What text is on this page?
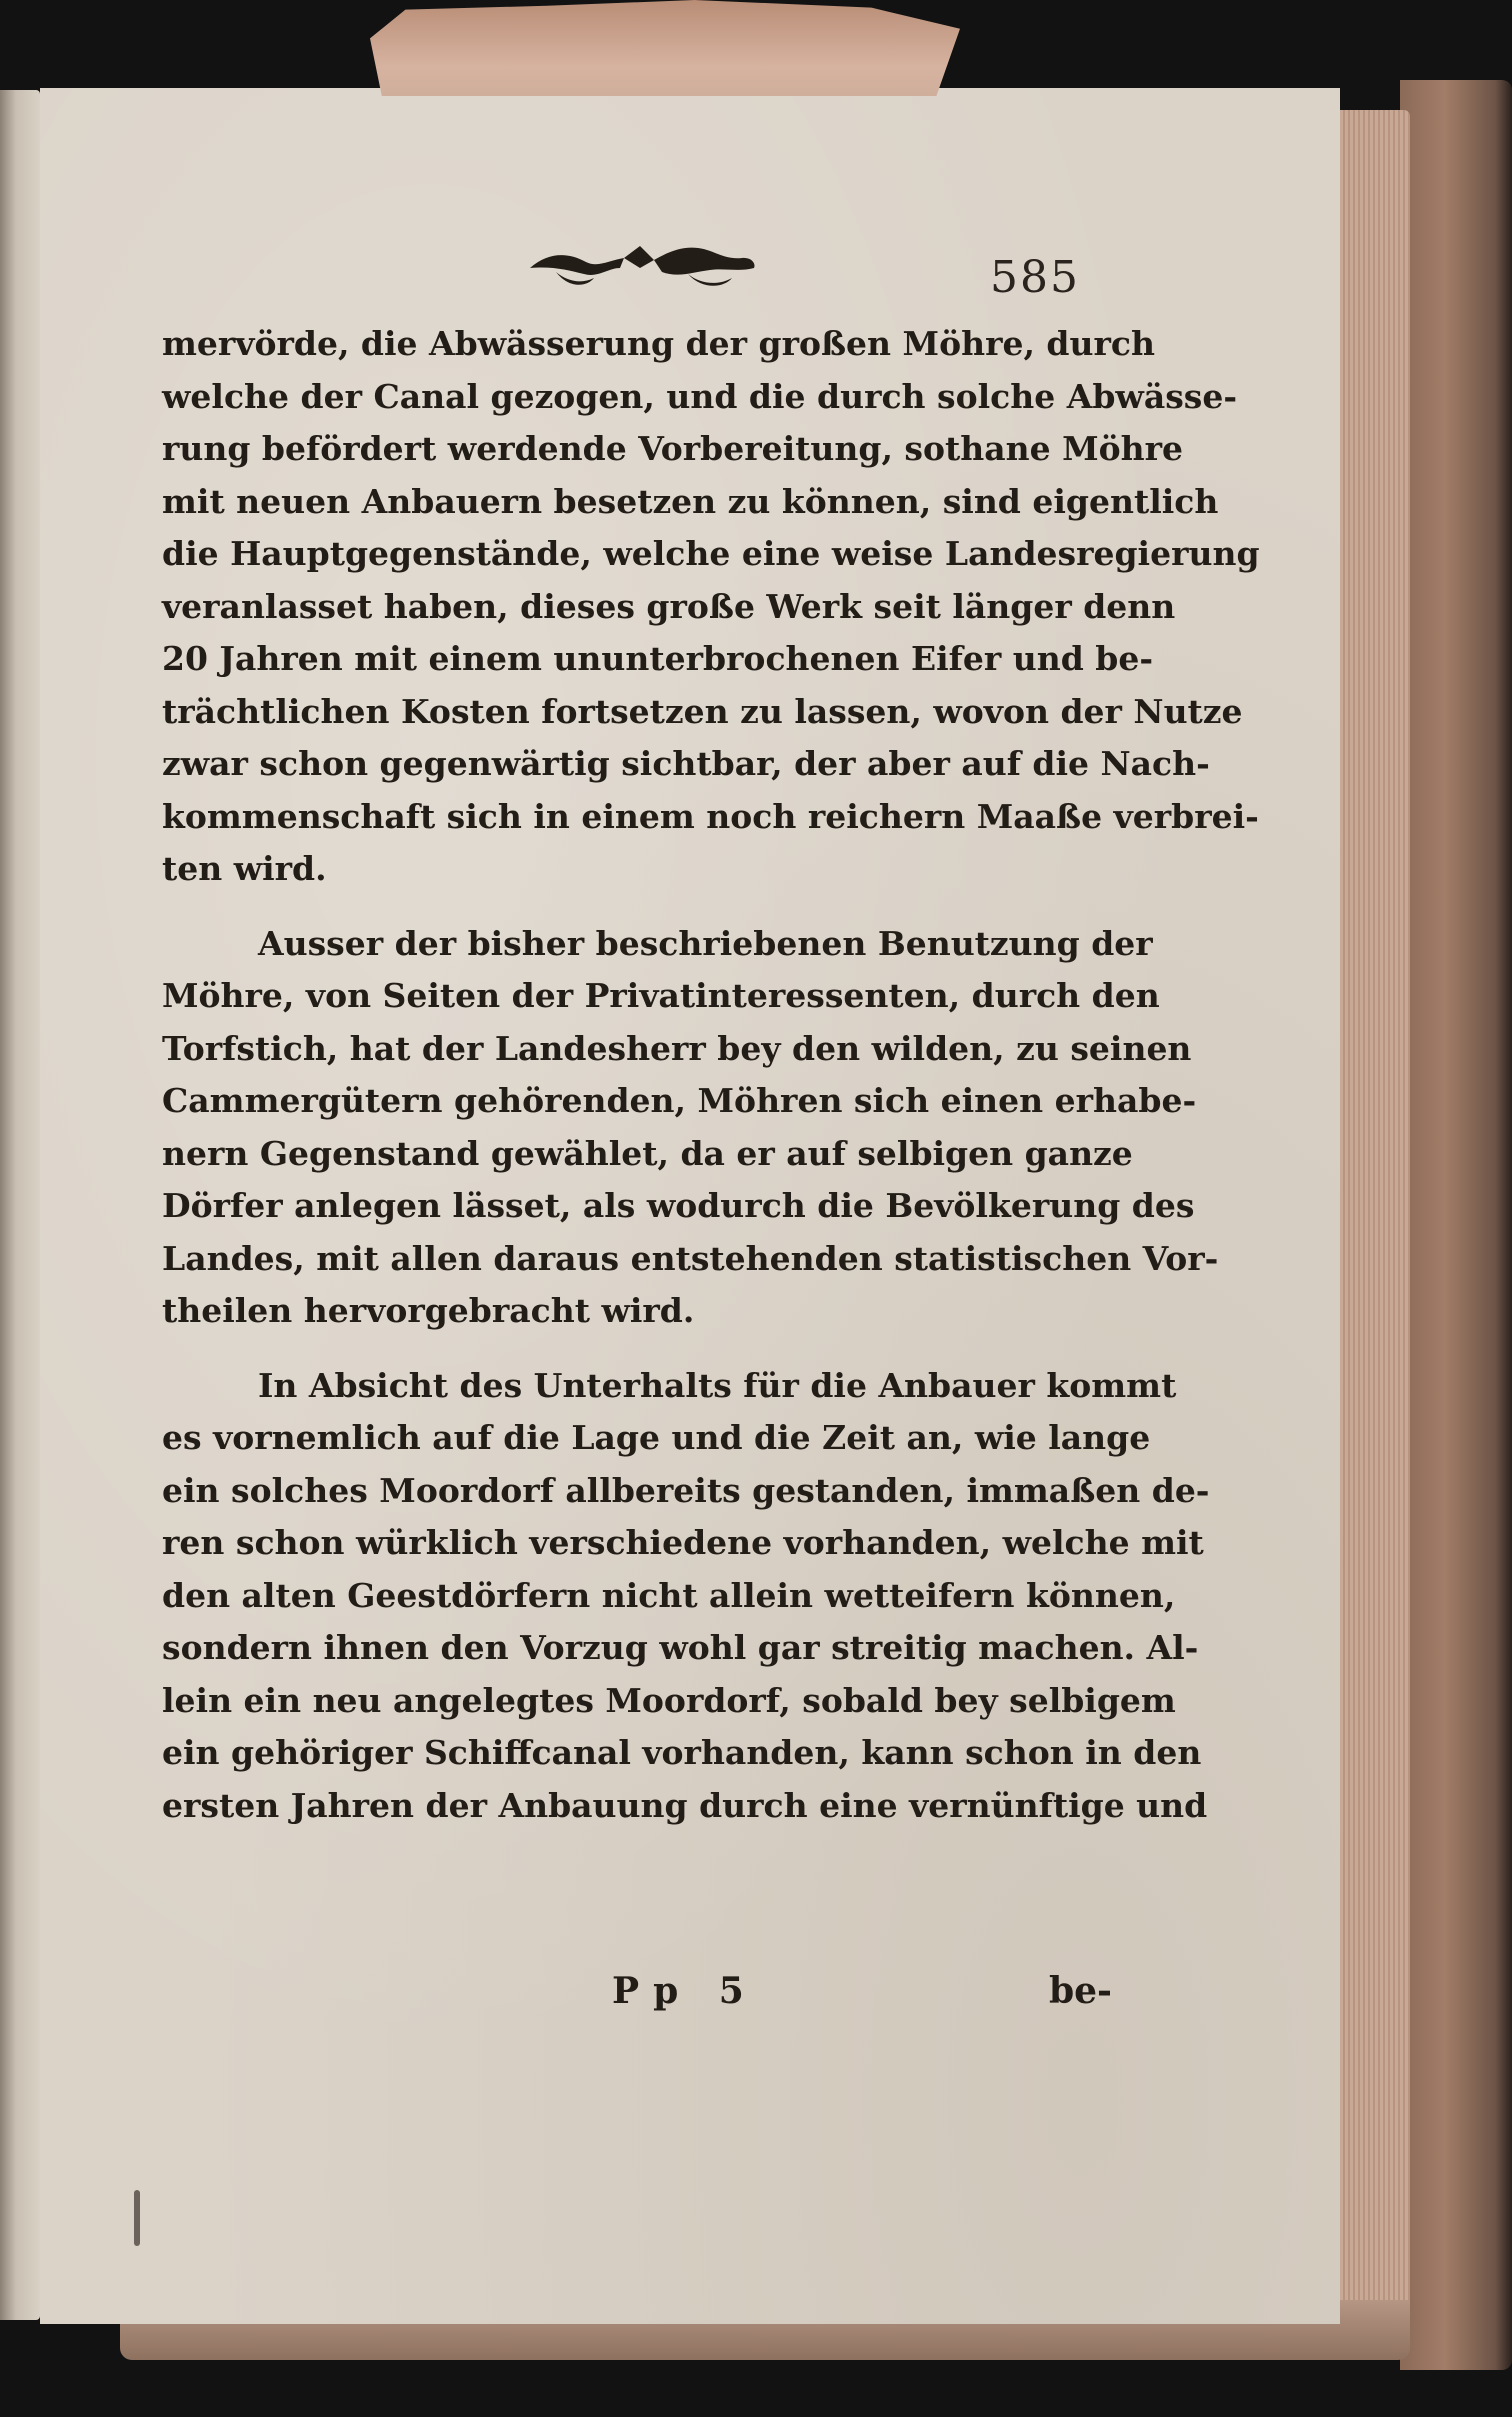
585
mervörde, die Abwässerung der großen Möhre, durch
welche der Canal gezogen, und die durch solche Abwässe-
rung befördert werdende Vorbereitung, sothane Möhre
mit neuen Anbauern besetzen zu können, sind eigentlich
die Hauptgegenstände, welche eine weise Landesregierung
veranlasset haben, dieses große Werk seit länger denn
20 Jahren mit einem ununterbrochenen Eifer und be-
trächtlichen Kosten fortsetzen zu lassen, wovon der Nutze
zwar schon gegenwärtig sichtbar, der aber auf die Nach-
kommenschaft sich in einem noch reichern Maaße verbrei-
ten wird.
Ausser der bisher beschriebenen Benutzung der
Möhre, von Seiten der Privatinteressenten, durch den
Torfstich, hat der Landesherr bey den wilden, zu seinen
Cammergütern gehörenden, Möhren sich einen erhabe-
nern Gegenstand gewählet, da er auf selbigen ganze
Dörfer anlegen lässet, als wodurch die Bevölkerung des
Landes, mit allen daraus entstehenden statistischen Vor-
theilen hervorgebracht wird.
In Absicht des Unterhalts für die Anbauer kommt
es vornemlich auf die Lage und die Zeit an, wie lange
ein solches Moordorf allbereits gestanden, immaßen de-
ren schon würklich verschiedene vorhanden, welche mit
den alten Geestdörfern nicht allein wetteifern können,
sondern ihnen den Vorzug wohl gar streitig machen. Al-
lein ein neu angelegtes Moordorf, sobald bey selbigem
ein gehöriger Schiffcanal vorhanden, kann schon in den
ersten Jahren der Anbauung durch eine vernünftige und
Pp 5	be-
